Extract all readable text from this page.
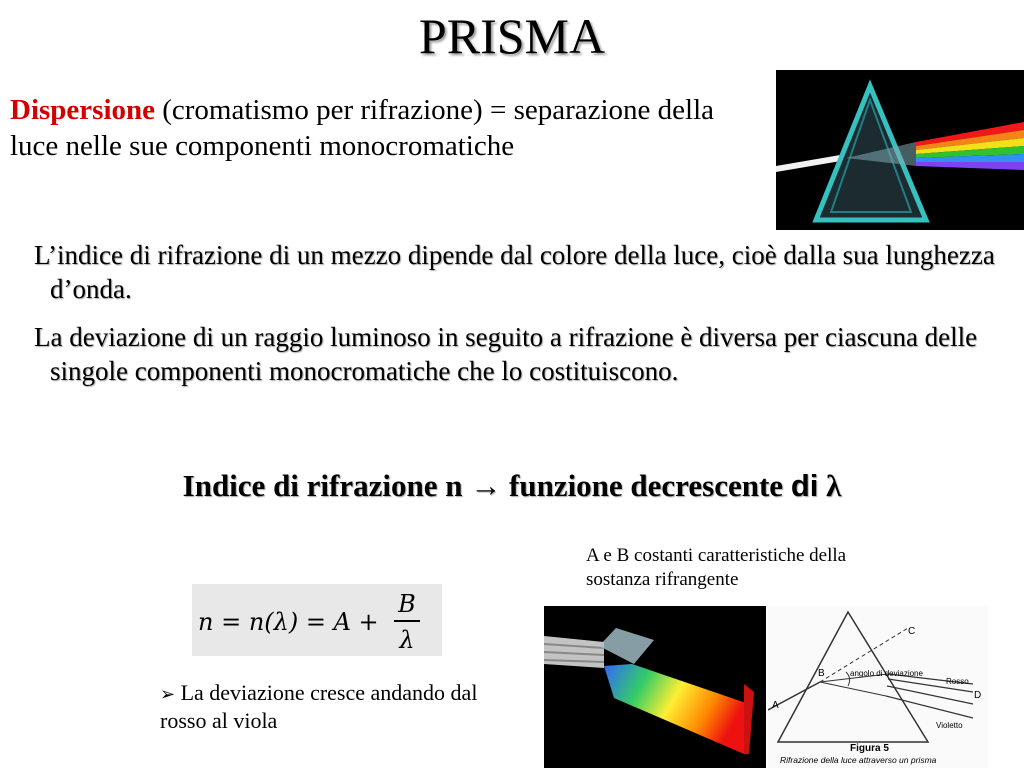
PRISMA
Dispersione (cromatismo per rifrazione) = separazione della luce nelle sue componenti monocromatiche
L’indice di rifrazione di un mezzo dipende dal colore della luce, cioè dalla sua lunghezza d’onda.
La deviazione di un raggio luminoso in seguito a rifrazione è diversa per ciascuna delle singole componenti monocromatiche che lo costituiscono.
Indice di rifrazione n → funzione decrescente di λ
A e B costanti caratteristiche della sostanza rifrangente
n = n(λ) = A +
B
λ
➢ La deviazione cresce andando dal rosso al viola
C
B
A
D
angolo di deviazione
Rosso
Violetto
Figura 5
Rifrazione della luce attraverso un prisma
